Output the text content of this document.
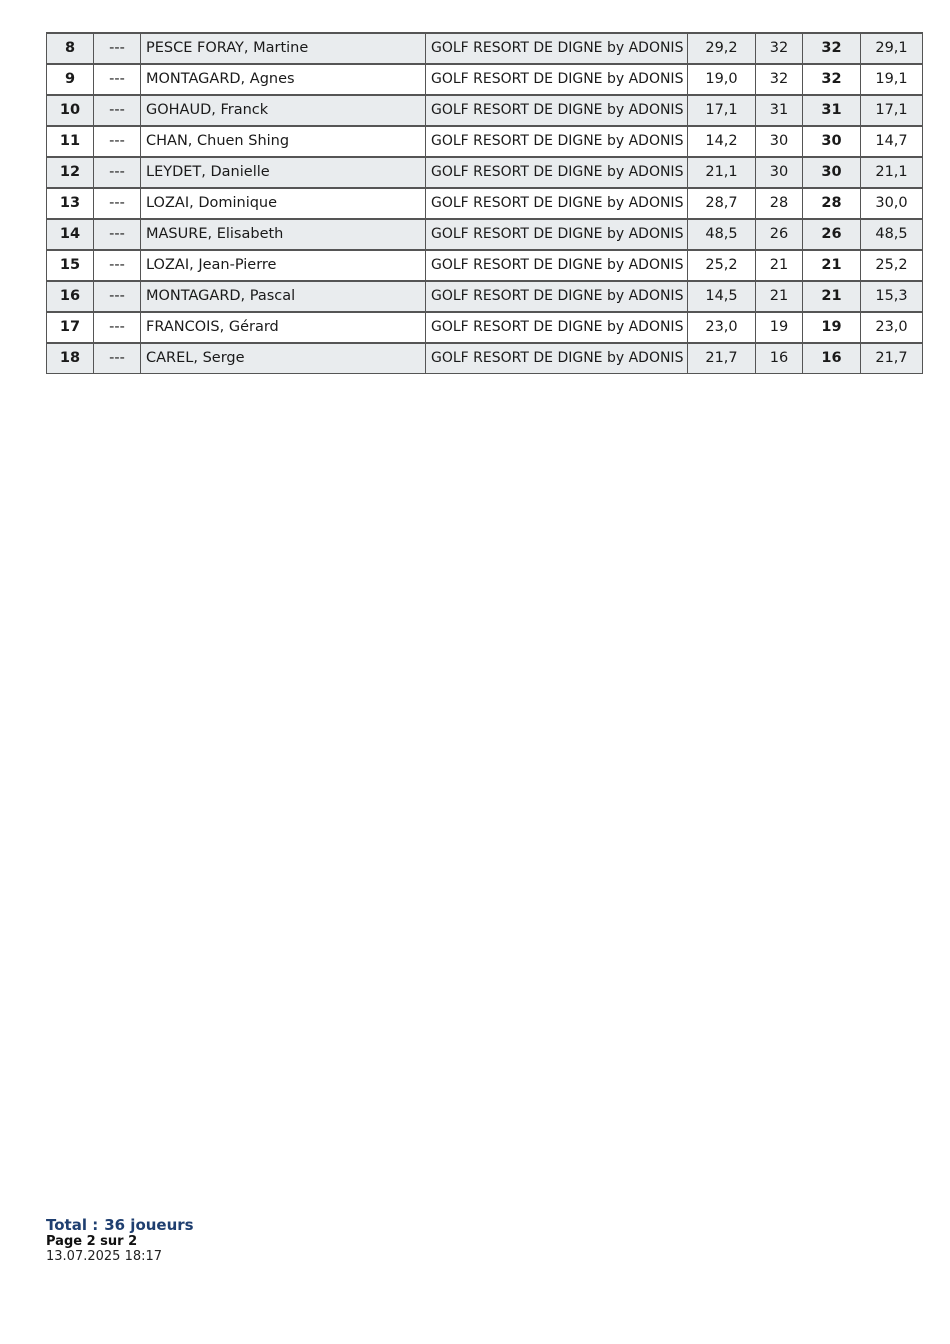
8	---	PESCE FORAY, Martine	GOLF RESORT DE DIGNE by ADONIS	29,2	32	32	29,1
9	---	MONTAGARD, Agnes	GOLF RESORT DE DIGNE by ADONIS	19,0	32	32	19,1
10	---	GOHAUD, Franck	GOLF RESORT DE DIGNE by ADONIS	17,1	31	31	17,1
11	---	CHAN, Chuen Shing	GOLF RESORT DE DIGNE by ADONIS	14,2	30	30	14,7
12	---	LEYDET, Danielle	GOLF RESORT DE DIGNE by ADONIS	21,1	30	30	21,1
13	---	LOZAI, Dominique	GOLF RESORT DE DIGNE by ADONIS	28,7	28	28	30,0
14	---	MASURE, Elisabeth	GOLF RESORT DE DIGNE by ADONIS	48,5	26	26	48,5
15	---	LOZAI, Jean-Pierre	GOLF RESORT DE DIGNE by ADONIS	25,2	21	21	25,2
16	---	MONTAGARD, Pascal	GOLF RESORT DE DIGNE by ADONIS	14,5	21	21	15,3
17	---	FRANCOIS, Gérard	GOLF RESORT DE DIGNE by ADONIS	23,0	19	19	23,0
18	---	CAREL, Serge	GOLF RESORT DE DIGNE by ADONIS	21,7	16	16	21,7
Total : 36 joueurs
Page 2 sur 2
13.07.2025 18:17
